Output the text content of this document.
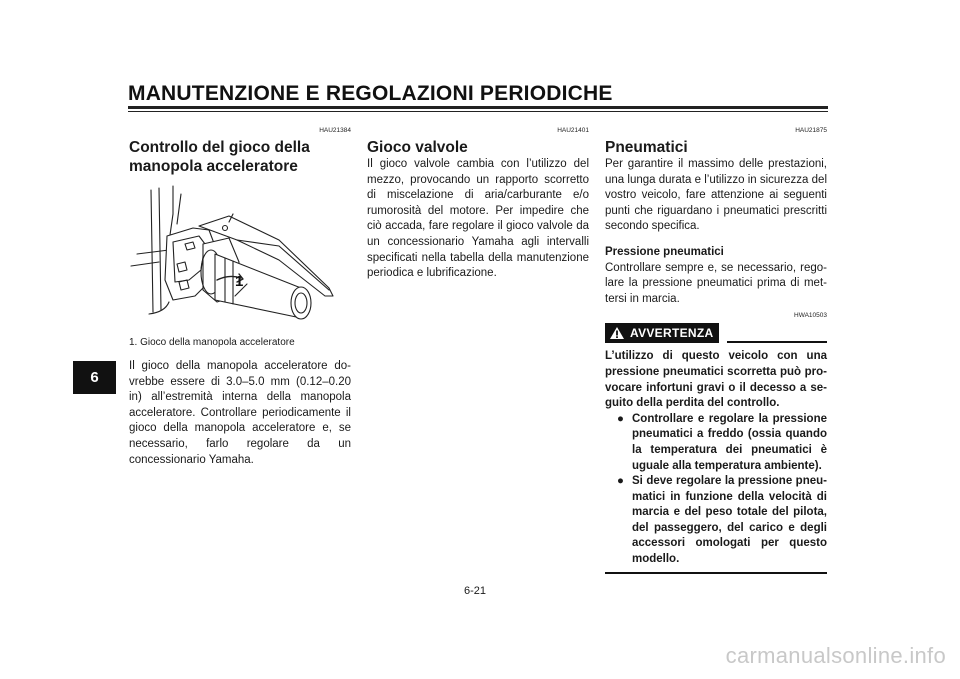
MANUTENZIONE E REGOLAZIONI PERIODICHE
6
HAU21384
Controllo del gioco della manopola acceleratore
1
1. Gioco della manopola acceleratore

Il gioco della manopola acceleratore dovrebbe essere di 3.0–5.0 mm (0.12–0.20 in) all’estremità interna della manopola acceleratore. Controllare periodicamente il gioco della manopola acceleratore e, se necessario, farlo regolare da un concessionario Yamaha.

HAU21401
Gioco valvole

Il gioco valvole cambia con l’utilizzo del mezzo, provocando un rapporto scorretto di miscelazione di aria/carburante e/o rumorosità del motore. Per impedire che ciò accada, fare regolare il gioco valvole da un concessionario Yamaha agli intervalli specificati nella tabella della manutenzione periodica e lubrificazione.

HAU21875
Pneumatici

Per garantire il massimo delle prestazioni, una lunga durata e l’utilizzo in sicurezza del vostro veicolo, fare attenzione ai seguenti punti che riguardano i pneumatici prescritti secondo specifica.

Pressione pneumatici

Controllare sempre e, se necessario, regolare la pressione pneumatici prima di mettersi in marcia.

HWA10503
AVVERTENZA
L’utilizzo di questo veicolo con una pressione pneumatici scorretta può provocare infortuni gravi o il decesso a seguito della perdita del controllo.
● Controllare e regolare la pressione pneumatici a freddo (ossia quando la temperatura dei pneumatici è uguale alla temperatura ambiente).
● Si deve regolare la pressione pneumatici in funzione della velocità di marcia e del peso totale del pilota, del passeggero, del carico e degli accessori omologati per questo modello.
6-21
carmanualsonline.info
